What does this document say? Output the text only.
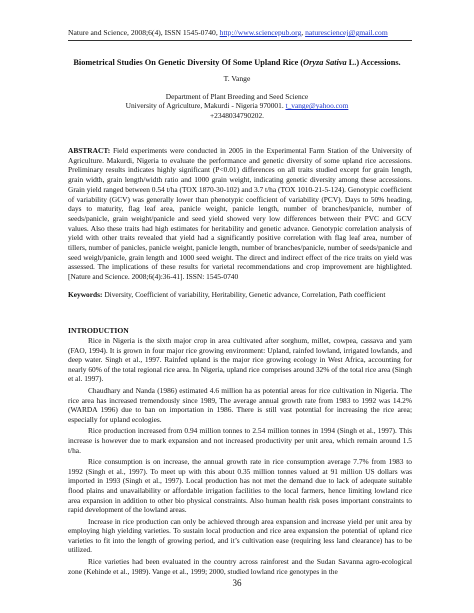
Nature and Science, 2008;6(4), ISSN 1545-0740, http://www.sciencepub.org, naturesciencej@gmail.com
Biometrical Studies On Genetic Diversity Of Some Upland Rice (Oryza Sativa L.) Accessions.
T. Vange
Department of Plant Breeding and Seed Science
University of Agriculture, Makurdi - Nigeria 970001. t_vange@yahoo.com
+2348034790202.
ABSTRACT: Field experiments were conducted in 2005 in the Experimental Farm Station of the University of Agriculture. Makurdi, Nigeria to evaluate the performance and genetic diversity of some upland rice accessions. Preliminary results indicates highly significant (P<0.01) differences on all traits studied except for grain length, grain width, grain length/width ratio and 1000 grain weight, indicating genetic diversity among these accessions. Grain yield ranged between 0.54 t/ha (TOX 1870-30-102) and 3.7 t/ha (TOX 1010-21-5-124). Genotypic coefficient of variability (GCV) was generally lower than phenotypic coefficient of variability (PCV). Days to 50% heading, days to maturity, flag leaf area, panicle weight, panicle length, number of branches/panicle, number of seeds/panicle, grain weight/panicle and seed yield showed very low differences between their PVC and GCV values. Also these traits had high estimates for heritability and genetic advance. Genotypic correlation analysis of yield with other traits revealed that yield had a significantly positive correlation with flag leaf area, number of tillers, number of panicles, panicle weight, panicle length, number of branches/panicle, number of seeds/panicle and seed weigh/panicle, grain length and 1000 seed weight. The direct and indirect effect of the rice traits on yield was assessed. The implications of these results for varietal recommendations and crop improvement are highlighted. [Nature and Science. 2008;6(4):36-41]. ISSN: 1545-0740
Keywords: Diversity, Coefficient of variability, Heritability, Genetic advance, Correlation, Path coefficient
INTRODUCTION

Rice in Nigeria is the sixth major crop in area cultivated after sorghum, millet, cowpea, cassava and yam (FAO, 1994). It is grown in four major rice growing environment: Upland, rainfed lowland, irrigated lowlands, and deep water. Singh et al., 1997. Rainfed upland is the major rice growing ecology in West Africa, accounting for nearly 60% of the total regional rice area. In Nigeria, upland rice comprises around 32% of the total rice area (Singh et al. 1997).

Chaudhary and Nanda (1986) estimated 4.6 million ha as potential areas for rice cultivation in Nigeria. The rice area has increased tremendously since 1989, The average annual growth rate from 1983 to 1992 was 14.2% (WARDA 1996) due to ban on importation in 1986. There is still vast potential for increasing the rice area; especially for upland ecologies.

Rice production increased from 0.94 million tonnes to 2.54 million tonnes in 1994 (Singh et al., 1997). This increase is however due to mark expansion and not increased productivity per unit area, which remain around 1.5 t/ha.

Rice consumption is on increase, the annual growth rate in rice consumption average 7.7% from 1983 to 1992 (Singh et al., 1997). To meet up with this about 0.35 million tonnes valued at 91 million US dollars was imported in 1993 (Singh et al., 1997). Local production has not met the demand due to lack of adequate suitable flood plains and unavailability or affordable irrigation facilities to the local farmers, hence limiting lowland rice area expansion in addition to other bio physical constraints. Also human health risk poses important constraints to rapid development of the lowland areas.

Increase in rice production can only be achieved through area expansion and increase yield per unit area by employing high yielding varieties. To sustain local production and rice area expansion the potential of upland rice varieties to fit into the length of growing period, and it’s cultivation ease (requiring less land clearance) has to be utilized.

Rice varieties had been evaluated in the country across rainforest and the Sudan Savanna agro-ecological zone (Kehinde et al., 1989). Vange et al., 1999; 2000, studied lowland rice genotypes in the

36
